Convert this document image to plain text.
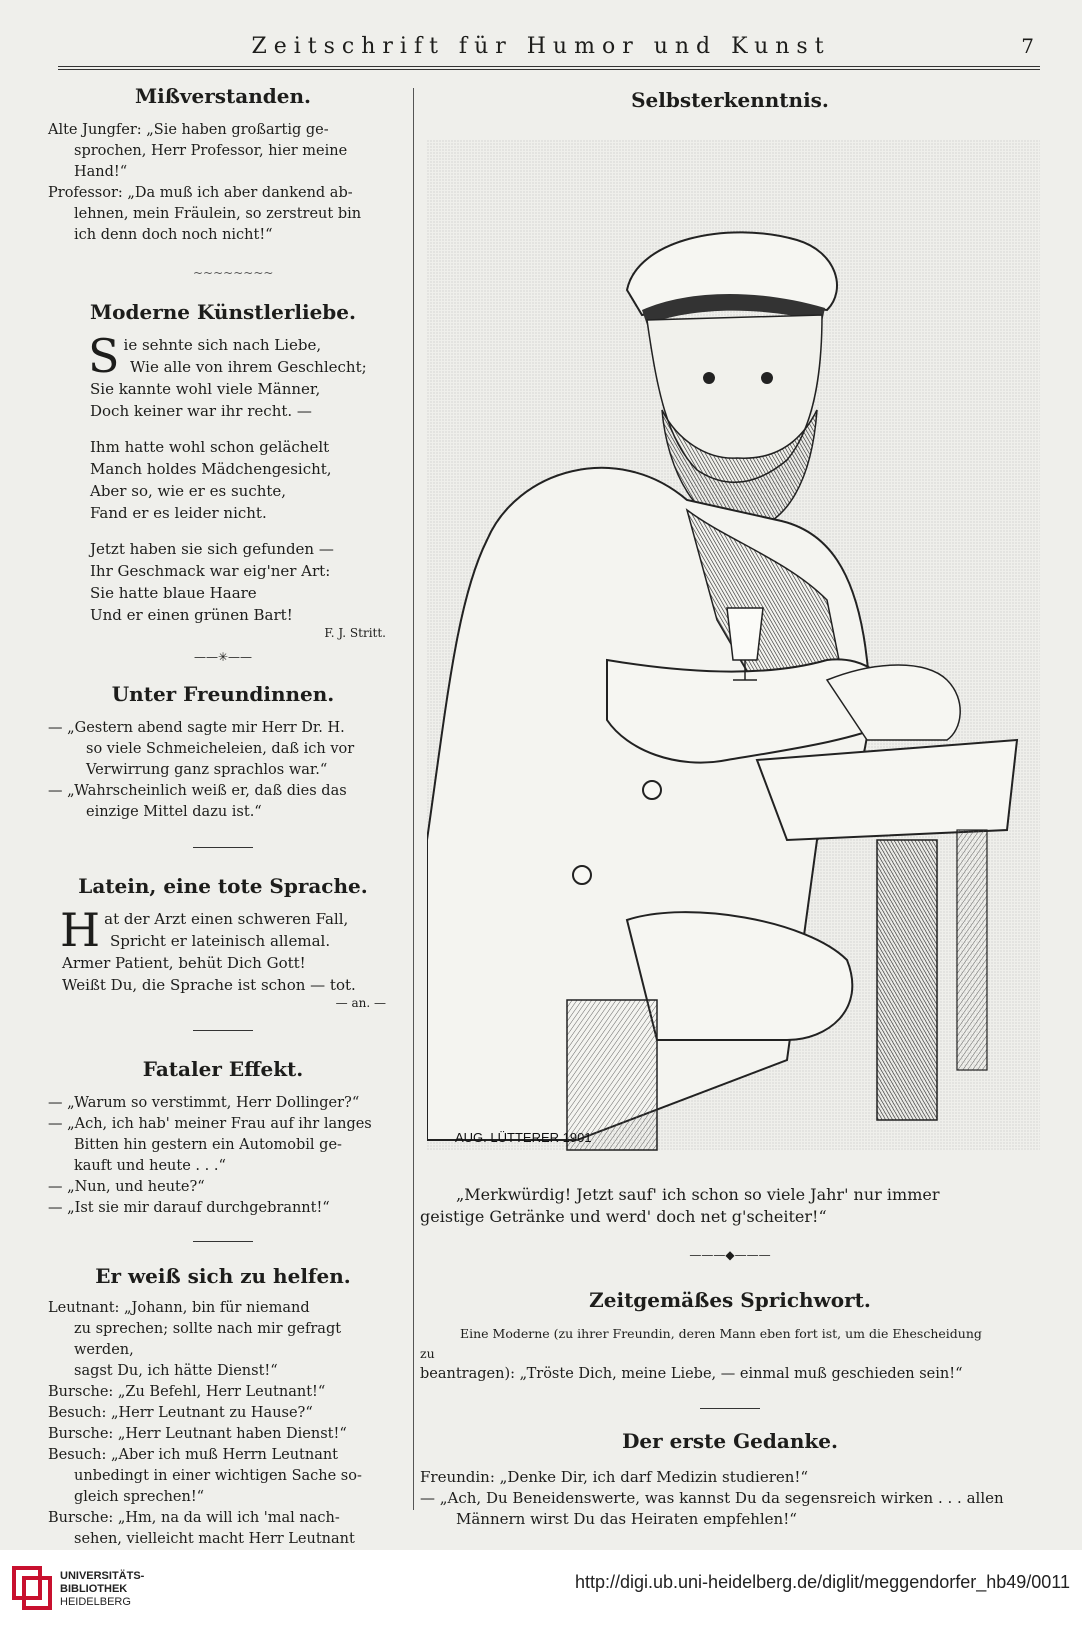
Zeitschrift für Humor und Kunst	7
Mißverstanden.

Alte Jungfer: „Sie haben großartig ge-

sprochen, Herr Professor, hier meine Hand!“

Professor: „Da muß ich aber dankend ab-

lehnen, mein Fräulein, so zerstreut bin

ich denn doch noch nicht!“

~~~~~~~~
Moderne Künstlerliebe.
S ie sehnte sich nach Liebe,

Wie alle von ihrem Geschlecht;

Sie kannte wohl viele Männer,

Doch keiner war ihr recht. —

Ihm hatte wohl schon gelächelt

Manch holdes Mädchengesicht,

Aber so, wie er es suchte,

Fand er es leider nicht.

Jetzt haben sie sich gefunden —

Ihr Geschmack war eig'ner Art:

Sie hatte blaue Haare

Und er einen grünen Bart!

F. J. Stritt.

——✳——

Unter Freundinnen.

— „Gestern abend sagte mir Herr Dr. H.

so viele Schmeicheleien, daß ich vor

Verwirrung ganz sprachlos war.“

— „Wahrscheinlich weiß er, daß dies das

einzige Mittel dazu ist.“

Latein, eine tote Sprache.
H at der Arzt einen schweren Fall,

Spricht er lateinisch allemal.

Armer Patient, behüt Dich Gott!

Weißt Du, die Sprache ist schon — tot.

— an. —

Fataler Effekt.

— „Warum so verstimmt, Herr Dollinger?“

— „Ach, ich hab' meiner Frau auf ihr langes

Bitten hin gestern ein Automobil ge-

kauft und heute . . .“

— „Nun, und heute?“

— „Ist sie mir darauf durchgebrannt!“

Er weiß sich zu helfen.

Leutnant: „Johann, bin für niemand

zu sprechen; sollte nach mir gefragt werden,

sagst Du, ich hätte Dienst!“

Bursche: „Zu Befehl, Herr Leutnant!“

Besuch: „Herr Leutnant zu Hause?“

Bursche: „Herr Leutnant haben Dienst!“

Besuch: „Aber ich muß Herrn Leutnant

unbedingt in einer wichtigen Sache so-

gleich sprechen!“

Bursche: „Hm, na da will ich 'mal nach-

sehen, vielleicht macht Herr Leutnant

Selbsterkenntnis.
AUG. LÜTTERER 1901

„Merkwürdig! Jetzt sauf' ich schon so viele Jahr' nur immer geistige Getränke und werd' doch net g'scheiter!“

———◆———

Zeitgemäßes Sprichwort.

Eine Moderne (zu ihrer Freundin, deren Mann eben fort ist, um die Ehescheidung zu

beantragen): „Tröste Dich, meine Liebe, — einmal muß geschieden sein!“

Der erste Gedanke.

Freundin: „Denke Dir, ich darf Medizin studieren!“

— „Ach, Du Beneidenswerte, was kannst Du da segensreich wirken . . . allen

Männern wirst Du das Heiraten empfehlen!“

UNIVERSITÄTS-
BIBLIOTHEK
HEIDELBERG
http://digi.ub.uni-heidelberg.de/diglit/meggendorfer_hb49/0011
